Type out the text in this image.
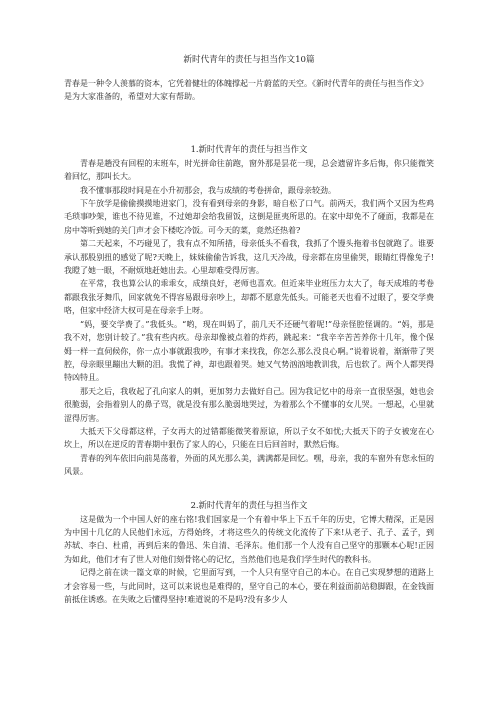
新时代青年的责任与担当作文10篇

青春是一种令人羡慕的资本，它凭着健壮的体魄撑起一片蔚蓝的天空。《新时代青年的责任与担当作文》是为大家准备的，希望对大家有帮助。

1.新时代青年的责任与担当作文

青春是趟没有回程的末班车，时光拼命往前跑，窗外那是昙花一现，总会遗留许多后悔，你只能微笑着回忆，那叫长大。

我不懂事那段时间是在小升初那会，我与成绩的考卷拼命，跟母亲较劲。

下午放学是偷偷摸摸地进家门，没有看到母亲的身影，暗自松了口气。前两天，我们两个又因为些鸡毛琐事吵架，谁也不待见谁，不过她却会给我留饭，这倒是匪夷所思的。在家中却免不了碰面，我都是在房中等听到她的关门声才会下楼吃冷饭。可今天的菜，竟然还热着?

第二天起来，不巧碰见了，我有点不知所措，母亲低头不看我，我抓了个馒头拖着书包就跑了。谁要承认那股别扭的感觉了呢?天晚上，妹妹偷偷告诉我，这几天冷战，母亲都在房里偷哭，眼睛红得像兔子!我瞪了她一眼，不耐烦地赶她出去。心里却难受得厉害。

在平常，我也算公认的乖乖女，成绩良好，老师也喜欢。但近来毕业班压力太大了，每天成堆的考卷都跟我张牙舞爪，回家就免不得容易跟母亲吵上，却都不愿意先低头。可能老天也看不过眼了，要交学费咯，但家中经济大权可是在母亲手上呀。

“妈，要交学费了。”我低头。“哟，现在叫妈了，前几天不还硬气着呢!”母亲怪腔怪调的。“妈，那是我不对，您别计较了。”我有些内疚。母亲却像被点着的炸药，跳起来：“我辛辛苦苦养你十几年，像个保姆一样一直伺候你，你一点小事就跟我吵，有事才来找我，你怎么那么没良心啊。”说着说着，渐渐带了哭腔，母亲眼里蹦出大颗的泪。我慌了神，却也跟着哭。她又气势汹汹地教训我，后也软了。两个人都哭得特凶特且。

那天之后，我收起了孔向家人的刺，更加努力去做好自己。因为我记忆中的母亲一直很坚强，她也会很脆弱，会指着别人的鼻子骂，就是没有那么脆弱地哭过，为着那么个不懂事的女儿哭。一想起，心里就涩得厉害。

大抵天下父母都这样，子女再大的过错都能微笑着原谅，所以子女不如忧;大抵天下的子女被宠在心坎上，所以在逆反的青春期中狠伤了家人的心，只能在日后回首时，默然后悔。

青春的列车依旧向前晃荡着，外面的风光那么美，满满都是回忆。嘿，母亲，我的车窗外有您永恒的风景。

2.新时代青年的责任与担当作文

这是做为一个中国人好的座右铭!我们国家是一个有着中华上下五千年的历史，它博大精深，正是因为中国十几亿的人民他们永远，方得始终，才将这些久的传统文化流传了下来!从老子、孔子、孟子，到苏轼、李白、杜甫，再到后来的鲁迅、朱自清、毛泽东。他们那一个人没有自己坚守的那颗本心呢!正因为如此，他们才有了世人对他们刻骨铭心的记忆，当然他们也是我们学生时代的教科书。

记得之前在读一篇文章的时候，它里面写到，一个人只有坚守自己的本心。在自己实现梦想的道路上才会容易一些，与此同时，这可以来说也是难得的，坚守自己的本心，要在利益面前站稳脚跟，在金钱面前抵住诱惑。在失败之后懂得坚持!难道说的不是吗?没有多少人
